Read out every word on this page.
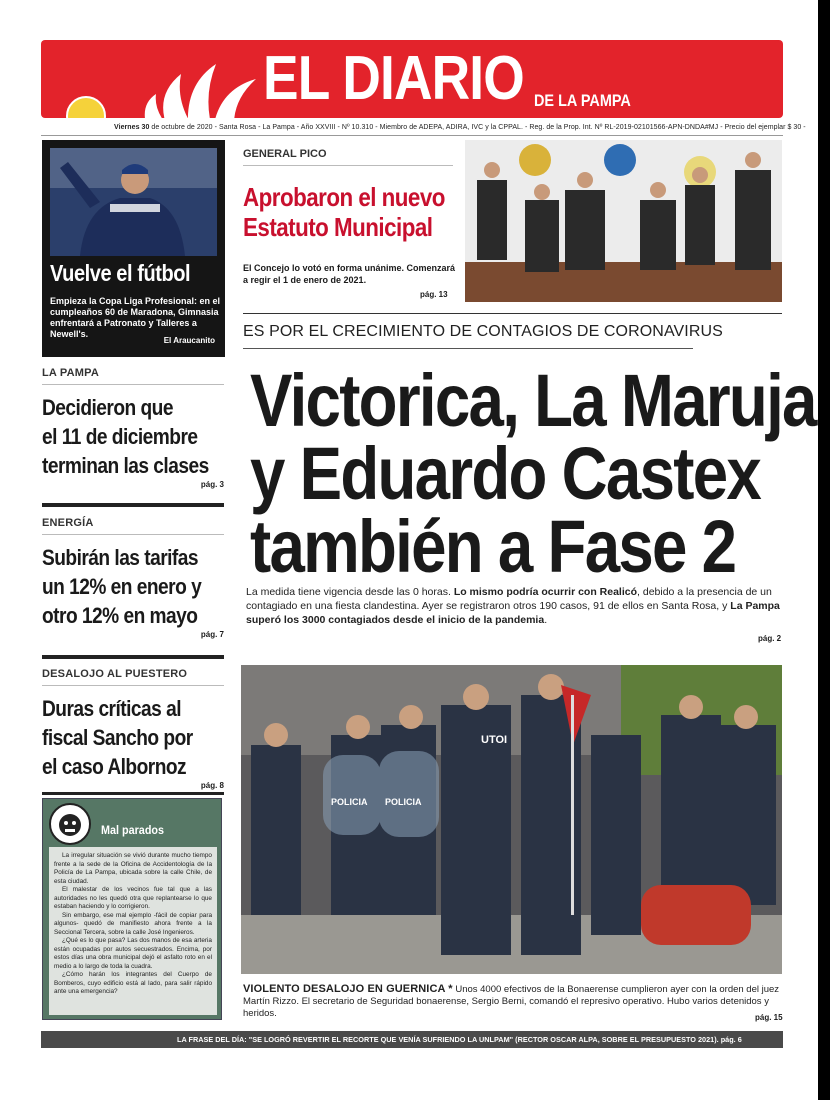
EL DIARIO DE LA PAMPA
Viernes 30 de octubre de 2020 - Santa Rosa - La Pampa - Año XXVIII - Nº 10.310 - Miembro de ADEPA, ADIRA, IVC y la CPPAL. - Reg. de la Prop. Int. Nº RL-2019-02101566-APN-DNDA#MJ - Precio del ejemplar $ 30 -
Vuelve el fútbol
Empieza la Copa Liga Profesional: en el cumpleaños 60 de Maradona, Gimnasia enfrentará a Patronato y Talleres a Newell's.
El Araucanito
LA PAMPA
Decidieron que
el 11 de diciembre
terminan las clases
pág. 3
ENERGÍA
Subirán las tarifas
un 12% en enero y
otro 12% en mayo
pág. 7
DESALOJO AL PUESTERO
Duras críticas al
fiscal Sancho por
el caso Albornoz
pág. 8
Mal parados

La irregular situación se vivió durante mucho tiempo frente a la sede de la Oficina de Accidentología de la Policía de La Pampa, ubicada sobre la calle Chile, de esta ciudad.

El malestar de los vecinos fue tal que a las autoridades no les quedó otra que replantearse lo que estaban haciendo y lo corrigieron.

Sin embargo, ese mal ejemplo -fácil de copiar para algunos- quedó de manifiesto ahora frente a la Seccional Tercera, sobre la calle José Ingenieros.

¿Qué es lo que pasa? Las dos manos de esa arteria están ocupadas por autos secuestrados. Encima, por estos días una obra municipal dejó el asfalto roto en el medio a lo largo de toda la cuadra.

¿Cómo harán los integrantes del Cuerpo de Bomberos, cuyo edificio está al lado, para salir rápido ante una emergencia?

GENERAL PICO
Aprobaron el nuevo
Estatuto Municipal
El Concejo lo votó en forma unánime. Comenzará a regir el 1 de enero de 2021.
pág. 13
ES POR EL CRECIMIENTO DE CONTAGIOS DE CORONAVIRUS
Victorica, La Maruja
y Eduardo Castex
también a Fase 2
La medida tiene vigencia desde las 0 horas. Lo mismo podría ocurrir con Realicó, debido a la presencia de un contagiado en una fiesta clandestina. Ayer se registraron otros 190 casos, 91 de ellos en Santa Rosa, y La Pampa superó los 3000 contagiados desde el inicio de la pandemia.
pág. 2
UTOI
POLICIA POLICIA
VIOLENTO DESALOJO EN GUERNICA * Unos 4000 efectivos de la Bonaerense cumplieron ayer con la orden del juez Martín Rizzo. El secretario de Seguridad bonaerense, Sergio Berni, comandó el represivo operativo. Hubo varios detenidos y heridos.	pág. 15
LA FRASE DEL DÍA: "SE LOGRÓ REVERTIR EL RECORTE QUE VENÍA SUFRIENDO LA UNLPAM" (RECTOR OSCAR ALPA, SOBRE EL PRESUPUESTO 2021). pág. 6
